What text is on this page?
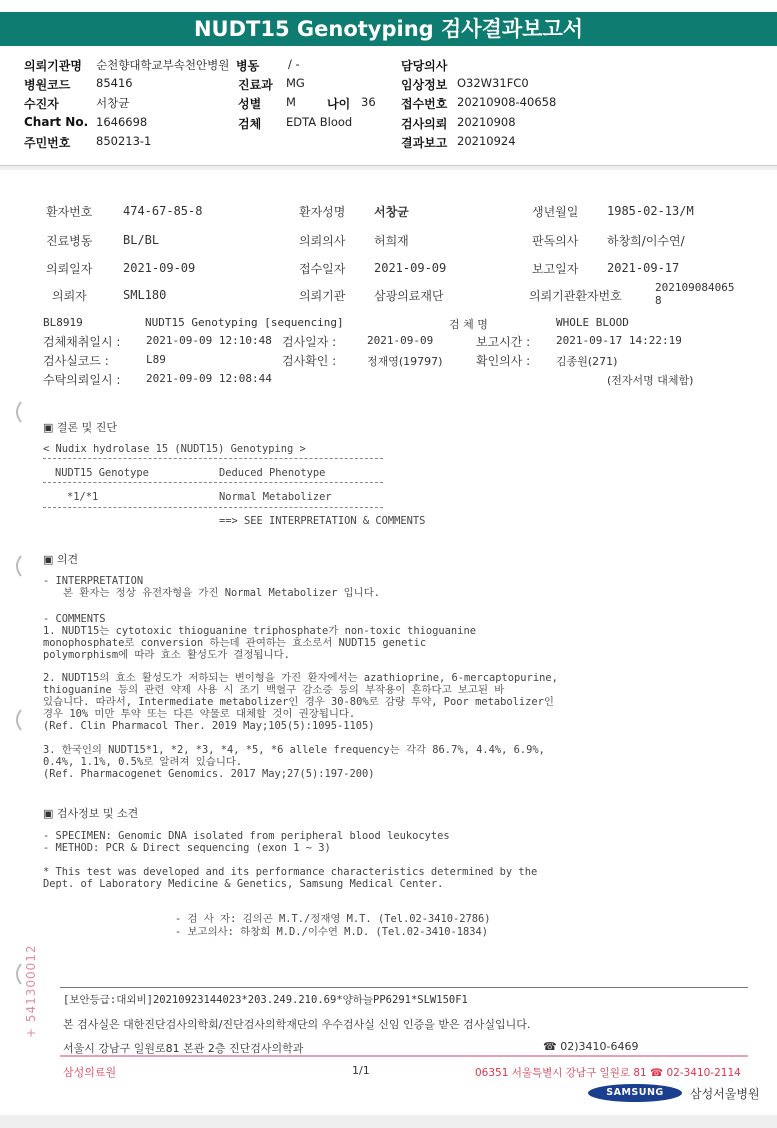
NUDT15 Genotyping 검사결과보고서
의뢰기관명 순천향대학교부속천안병원 병동	/ -	담당의사
병원코드 85416	진료과 MG	임상정보 O32W31FC0
수진자	서창균	성별 M	나이 36 접수번호 20210908-40658
Chart No. 1646698	검체 EDTA Blood	검사의뢰 20210908
주민번호 850213-1	결과보고 20210924
환자번호	474-67-85-8	환자성명 서창균	생년월일 1985-02-13/M
진료병동	BL/BL	의뢰의사 허희재	판독의사 하창희/이수연/
의뢰일자	2021-09-09	접수일자 2021-09-09	보고일자 2021-09-17
의뢰자	SML180	의뢰기관 삼광의료재단	의뢰기관환자번호
202109084065
8
BL8919	NUDT15 Genotyping [sequencing]	검 체 명	WHOLE BLOOD
검체채취일시 : 2021-09-09 12:10:48 검사일자 :	2021-09-09	보고시간 : 2021-09-17 14:22:19
검사실코드 :	L89	검사확인 :	정재영(19797)	확인의사 : 김종원(271)
수탁의뢰일시 : 2021-09-09 12:08:44	(전자서명 대체함)
▣ 결론 및 진단
< Nudix hydrolase 15 (NUDT15) Genotyping >
NUDT15 Genotype	Deduced Phenotype
*1/*1	Normal Metabolizer
==> SEE INTERPRETATION & COMMENTS
▣ 의견
- INTERPRETATION
본 환자는 정상 유전자형을 가진 Normal Metabolizer 입니다.
- COMMENTS
1. NUDT15는 cytotoxic thioguanine triphosphate가 non-toxic thioguanine
monophosphate로 conversion 하는데 관여하는 효소로서 NUDT15 genetic
polymorphism에 따라 효소 활성도가 결정됩니다.
2. NUDT15의 효소 활성도가 저하되는 변이형을 가진 환자에서는 azathioprine, 6-mercaptopurine,
thioguanine 등의 관련 약제 사용 시 조기 백혈구 감소증 등의 부작용이 흔하다고 보고된 바
있습니다. 따라서, Intermediate metabolizer인 경우 30-80%로 감량 투약, Poor metabolizer인
경우 10% 미만 투약 또는 다른 약물로 대체할 것이 권장됩니다.
(Ref. Clin Pharmacol Ther. 2019 May;105(5):1095-1105)
3. 한국인의 NUDT15*1, *2, *3, *4, *5, *6 allele frequency는 각각 86.7%, 4.4%, 6.9%,
0.4%, 1.1%, 0.5%로 알려져 있습니다.
(Ref. Pharmacogenet Genomics. 2017 May;27(5):197-200)
▣ 검사정보 및 소견
- SPECIMEN: Genomic DNA isolated from peripheral blood leukocytes
- METHOD: PCR & Direct sequencing (exon 1 ~ 3)
* This test was developed and its performance characteristics determined by the
Dept. of Laboratory Medicine & Genetics, Samsung Medical Center.
- 검 사 자: 김의곤 M.T./정재영 M.T. (Tel.02-3410-2786)
- 보고의사: 하창희 M.D./이수연 M.D. (Tel.02-3410-1834)
+ 541300012 [보안등급:대외비]20210923144023*203.249.210.69*양하늘PP6291*SLW150F1
본 검사실은 대한진단검사의학회/진단검사의학재단의 우수검사실 신임 인증을 받은 검사실입니다.
서울시 강남구 일원로81 본관 2층 진단검사의학과	☎ 02)3410-6469
삼성의료원	1/1	06351 서울특별시 강남구 일원로 81 ☎ 02-3410-2114
SAMSUNG	삼성서울병원
